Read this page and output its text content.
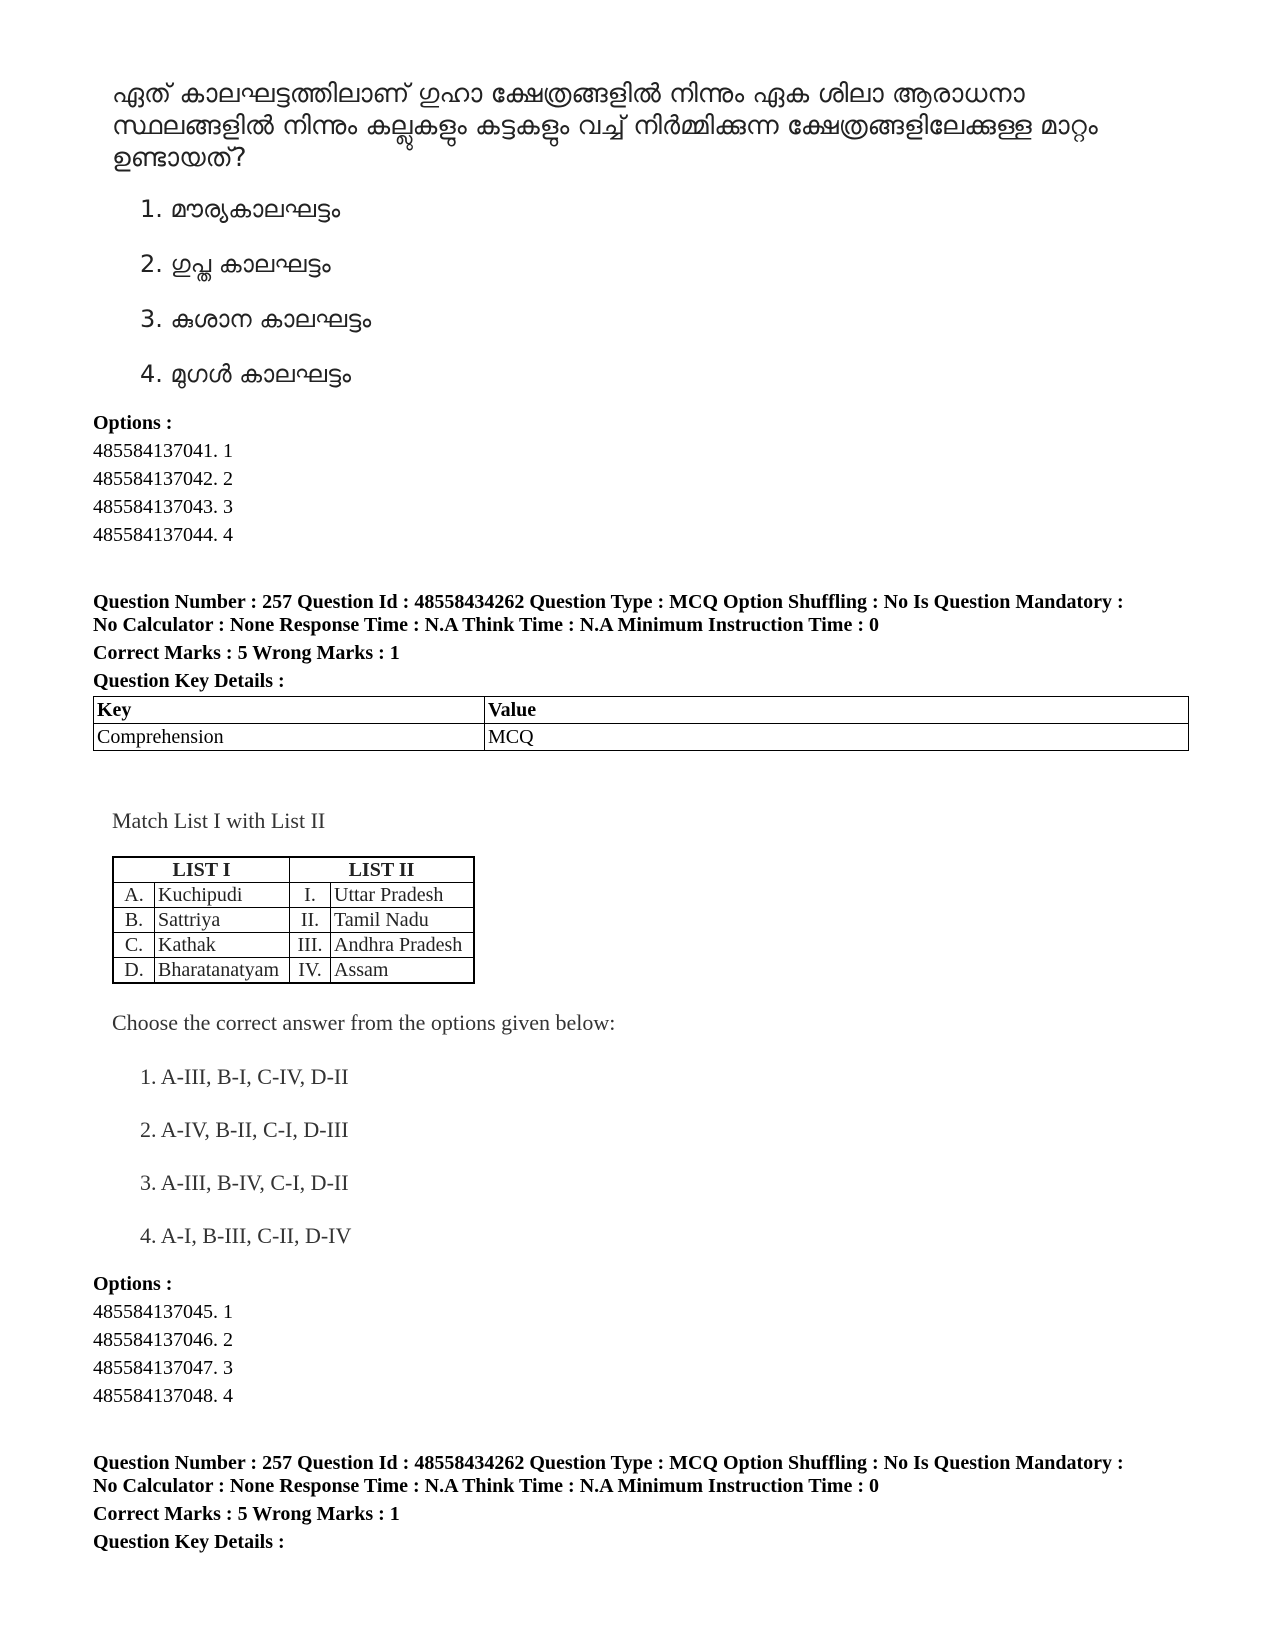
ഏത് കാലഘട്ടത്തിലാണ് ഗുഹാ ക്ഷേത്രങ്ങളിൽ നിന്നും ഏക ശിലാ ആരാധനാ സ്ഥലങ്ങളിൽ നിന്നും കല്ലുകളും കട്ടകളും വച്ച് നിർമ്മിക്കുന്ന ക്ഷേത്രങ്ങളിലേക്കുള്ള മാറ്റം ഉണ്ടായത്?
1. മൗര്യകാലഘട്ടം
2. ഗുപ്ത കാലഘട്ടം
3. കുശാന കാലഘട്ടം
4. മുഗൾ കാലഘട്ടം
Options :
485584137041. 1
485584137042. 2
485584137043. 3
485584137044. 4
Question Number : 257 Question Id : 48558434262 Question Type : MCQ Option Shuffling : No Is Question Mandatory :
No Calculator : None Response Time : N.A Think Time : N.A Minimum Instruction Time : 0
Correct Marks : 5 Wrong Marks : 1
Question Key Details :
Key	Value
Comprehension	MCQ
Match List I with List II
LIST I		LIST II	
A.	Kuchipudi	I.	Uttar Pradesh
B.	Sattriya	II.	Tamil Nadu
C.	Kathak	III.	Andhra Pradesh
D.	Bharatanatyam	IV.	Assam
Choose the correct answer from the options given below:
1. A-III, B-I, C-IV, D-II
2. A-IV, B-II, C-I, D-III
3. A-III, B-IV, C-I, D-II
4. A-I, B-III, C-II, D-IV
Options :
485584137045. 1
485584137046. 2
485584137047. 3
485584137048. 4
Question Number : 257 Question Id : 48558434262 Question Type : MCQ Option Shuffling : No Is Question Mandatory :
No Calculator : None Response Time : N.A Think Time : N.A Minimum Instruction Time : 0
Correct Marks : 5 Wrong Marks : 1
Question Key Details :
